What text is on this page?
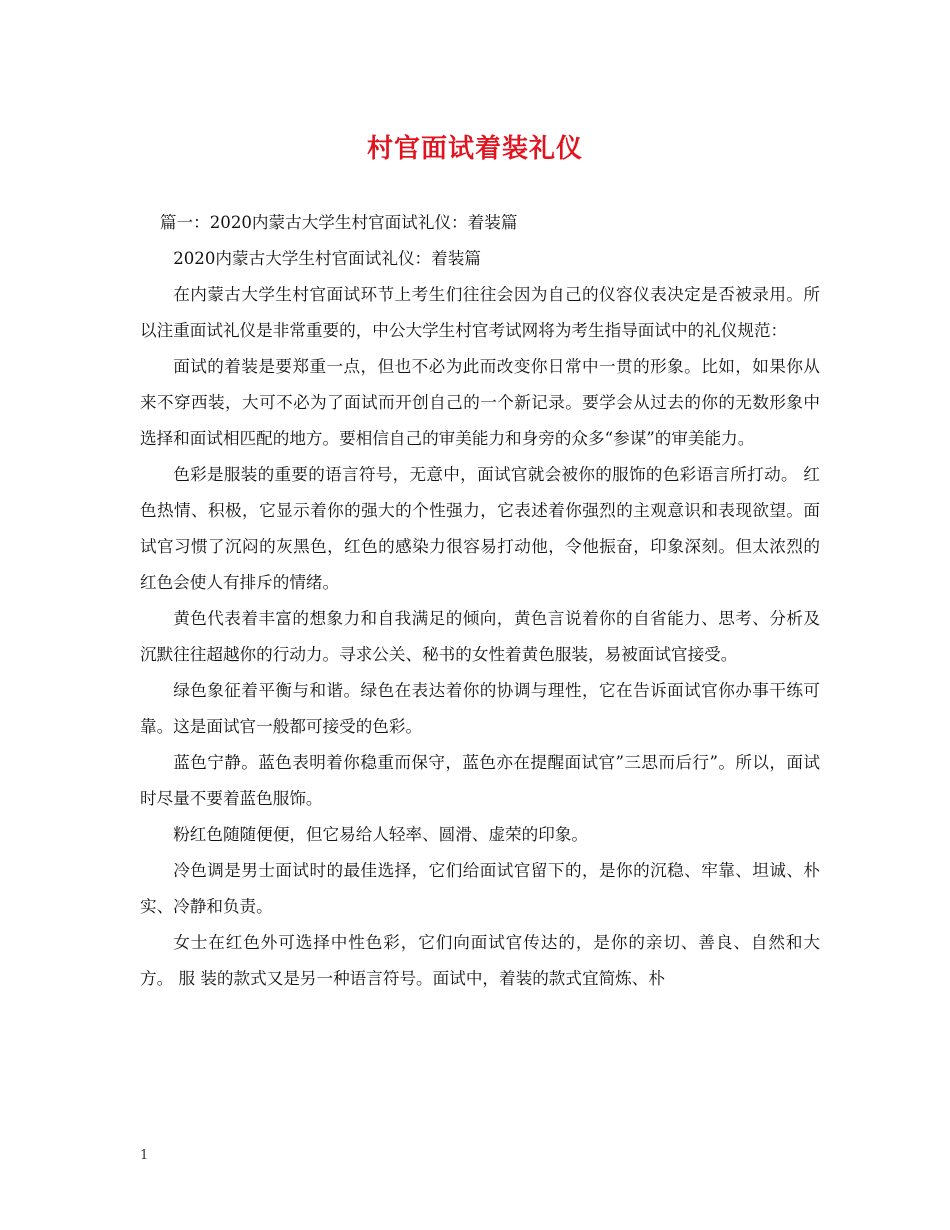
村官面试着装礼仪

篇一：2020内蒙古大学生村官面试礼仪：着装篇

2020内蒙古大学生村官面试礼仪：着装篇

在内蒙古大学生村官面试环节上考生们往往会因为自己的仪容仪表决定是否被录用。所以注重面试礼仪是非常重要的，中公大学生村官考试网将为考生指导面试中的礼仪规范：

面试的着装是要郑重一点，但也不必为此而改变你日常中一贯的形象。比如，如果你从来不穿西装，大可不必为了面试而开创自己的一个新记录。要学会从过去的你的无数形象中选择和面试相匹配的地方。要相信自己的审美能力和身旁的众多“参谋”的审美能力。

色彩是服装的重要的语言符号，无意中，面试官就会被你的服饰的色彩语言所打动。 红色热情、积极，它显示着你的强大的个性强力，它表述着你强烈的主观意识和表现欲望。面试官习惯了沉闷的灰黑色，红色的感染力很容易打动他，令他振奋，印象深刻。但太浓烈的红色会使人有排斥的情绪。

黄色代表着丰富的想象力和自我满足的倾向，黄色言说着你的自省能力、思考、分析及沉默往往超越你的行动力。寻求公关、秘书的女性着黄色服装，易被面试官接受。

绿色象征着平衡与和谐。绿色在表达着你的协调与理性，它在告诉面试官你办事干练可靠。这是面试官一般都可接受的色彩。

蓝色宁静。蓝色表明着你稳重而保守，蓝色亦在提醒面试官”三思而后行”。所以，面试时尽量不要着蓝色服饰。

粉红色随随便便，但它易给人轻率、圆滑、虚荣的印象。

冷色调是男士面试时的最佳选择，它们给面试官留下的，是你的沉稳、牢靠、坦诚、朴实、冷静和负责。

女士在红色外可选择中性色彩，它们向面试官传达的，是你的亲切、善良、自然和大方。 服 装的款式又是另一种语言符号。面试中，着装的款式宜简炼、朴

1
